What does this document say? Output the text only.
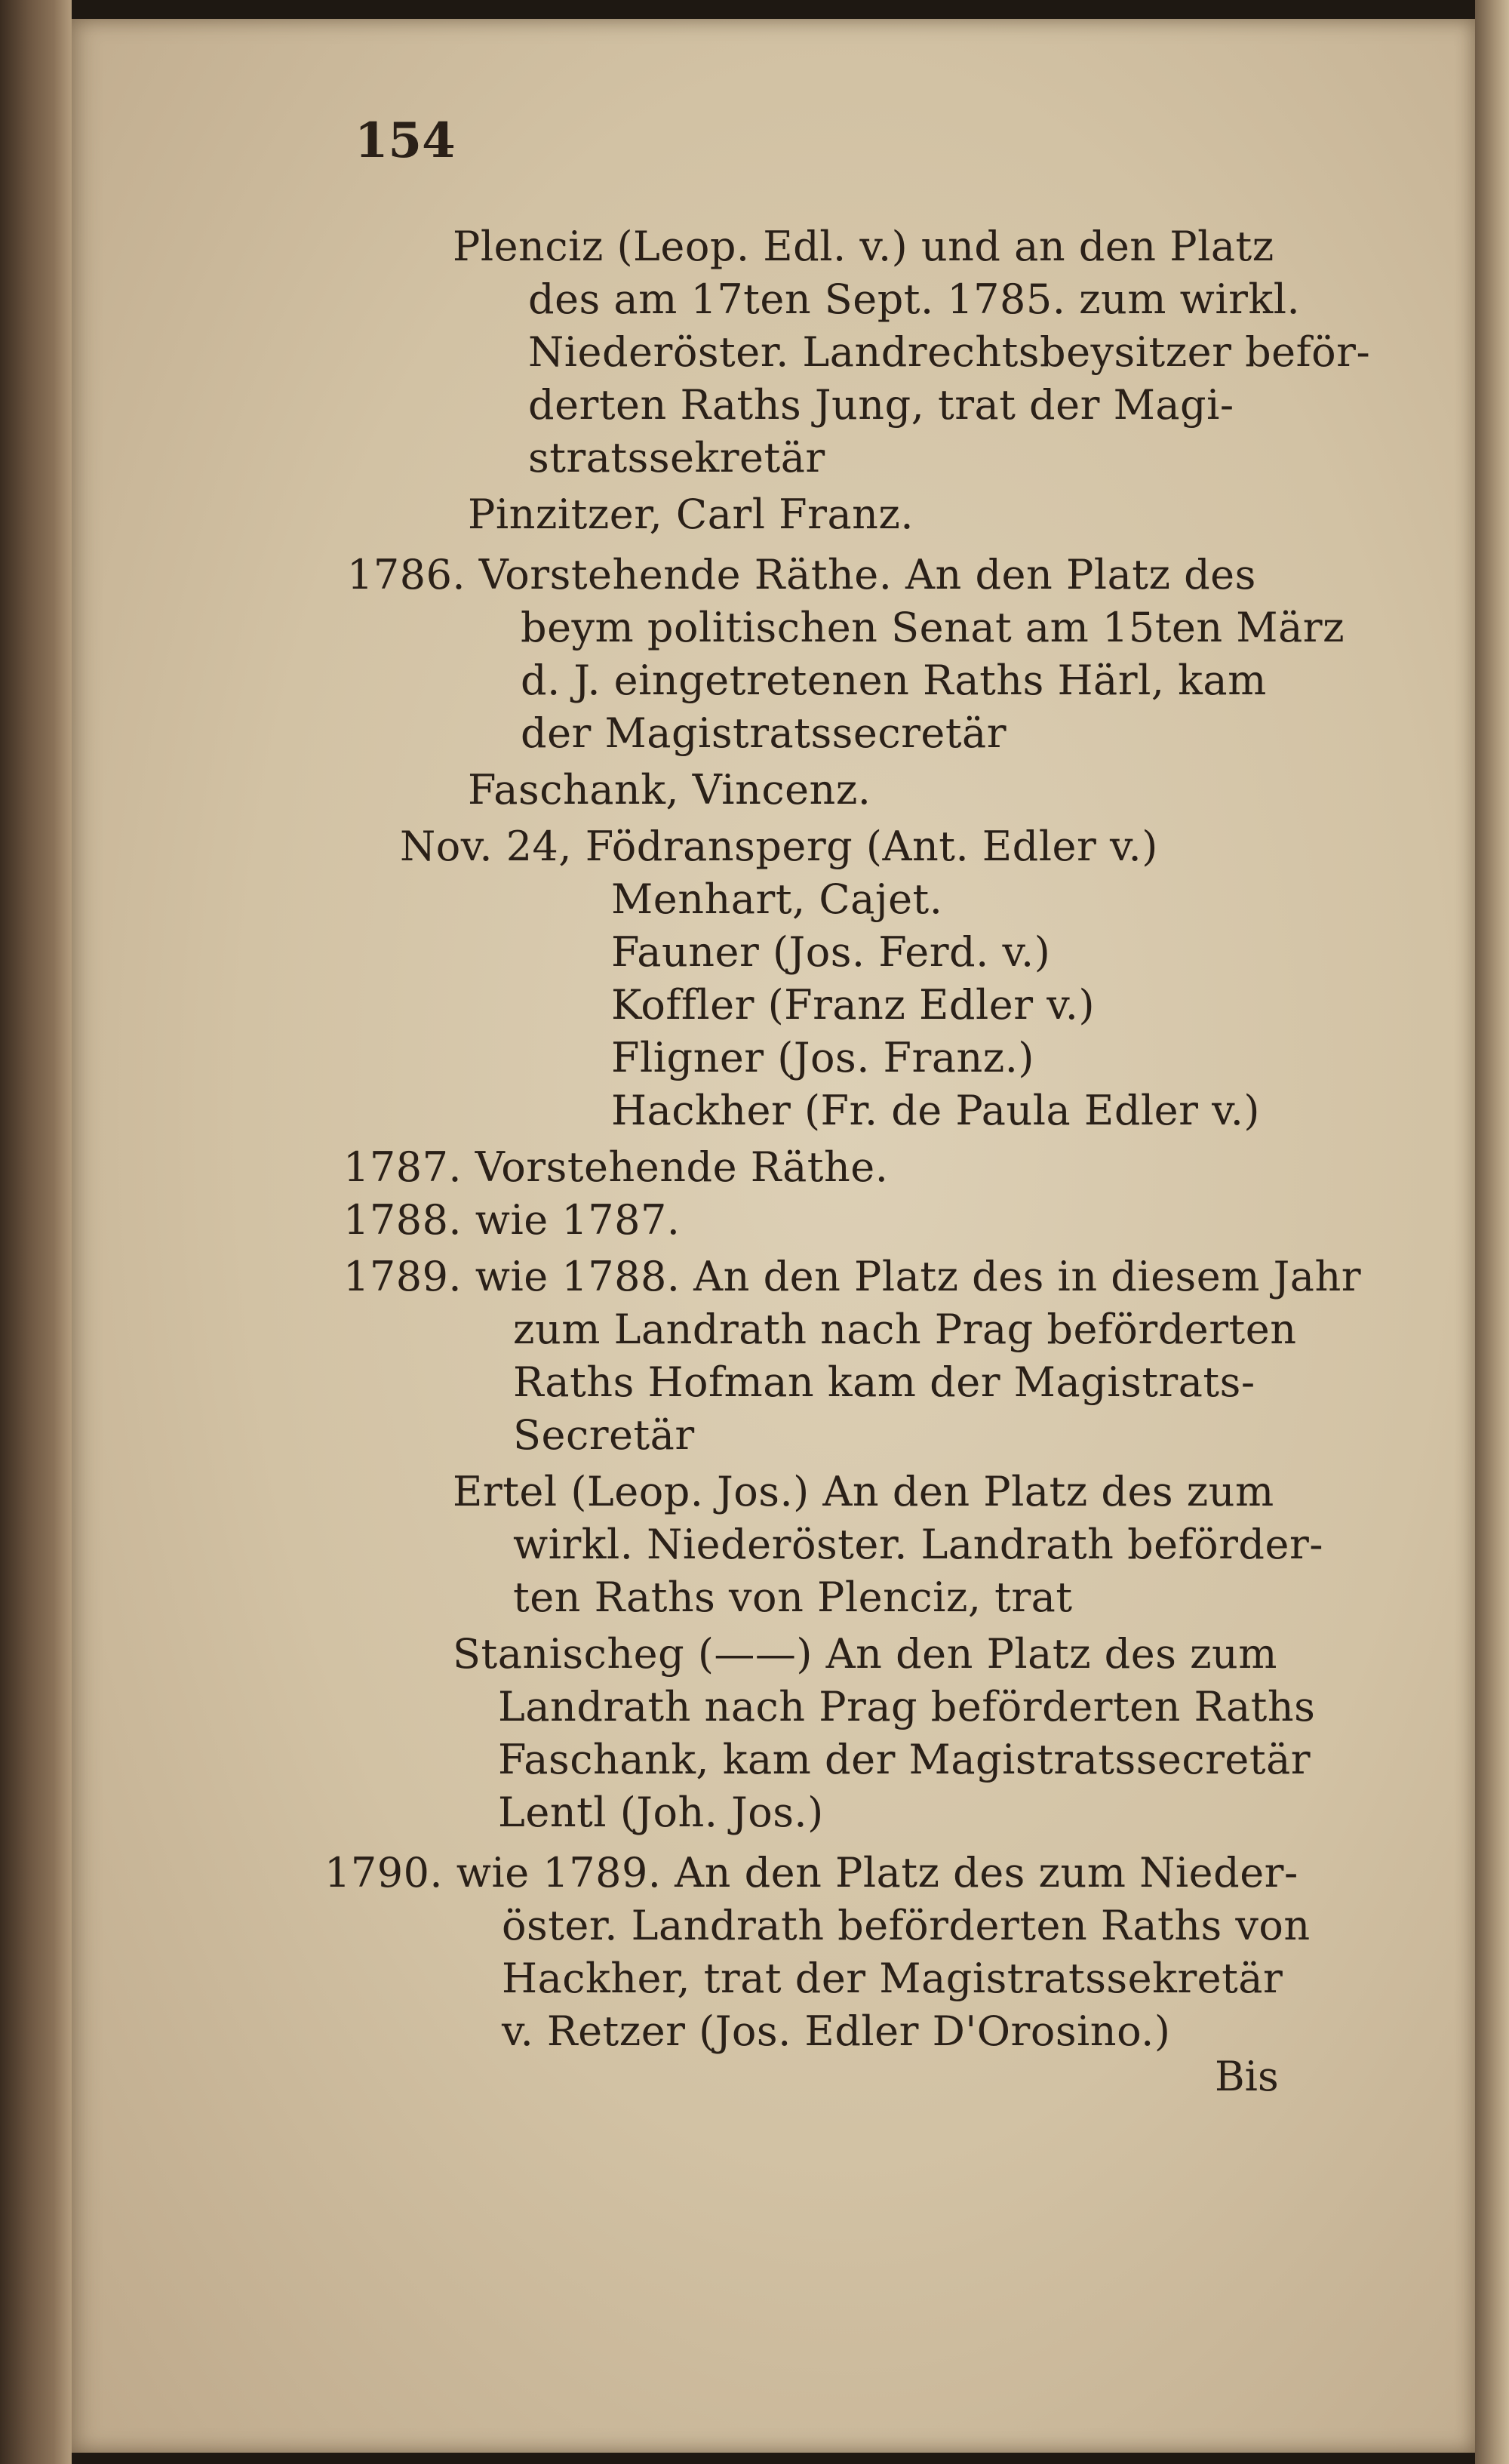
154
Plenciz (Leop. Edl. v.) und an den Platz
des am 17ten Sept. 1785. zum wirkl.
Niederöster. Landrechtsbeysitzer beför-
derten Raths Jung, trat der Magi-
stratssekretär
Pinzitzer, Carl Franz.
1786. Vorstehende Räthe. An den Platz des
beym politischen Senat am 15ten März
d. J. eingetretenen Raths Härl, kam
der Magistratssecretär
Faschank, Vincenz.
Nov. 24, Födransperg (Ant. Edler v.)
Menhart, Cajet.
Fauner (Jos. Ferd. v.)
Koffler (Franz Edler v.)
Fligner (Jos. Franz.)
Hackher (Fr. de Paula Edler v.)
1787. Vorstehende Räthe.
1788. wie 1787.
1789. wie 1788. An den Platz des in diesem Jahr
zum Landrath nach Prag beförderten
Raths Hofman kam der Magistrats-
Secretär
Ertel (Leop. Jos.) An den Platz des zum
wirkl. Niederöster. Landrath beförder-
ten Raths von Plenciz, trat
Stanischeg (——) An den Platz des zum
Landrath nach Prag beförderten Raths
Faschank, kam der Magistratssecretär
Lentl (Joh. Jos.)
1790. wie 1789. An den Platz des zum Nieder-
öster. Landrath beförderten Raths von
Hackher, trat der Magistratssekretär
v. Retzer (Jos. Edler D'Orosino.)
Bis
